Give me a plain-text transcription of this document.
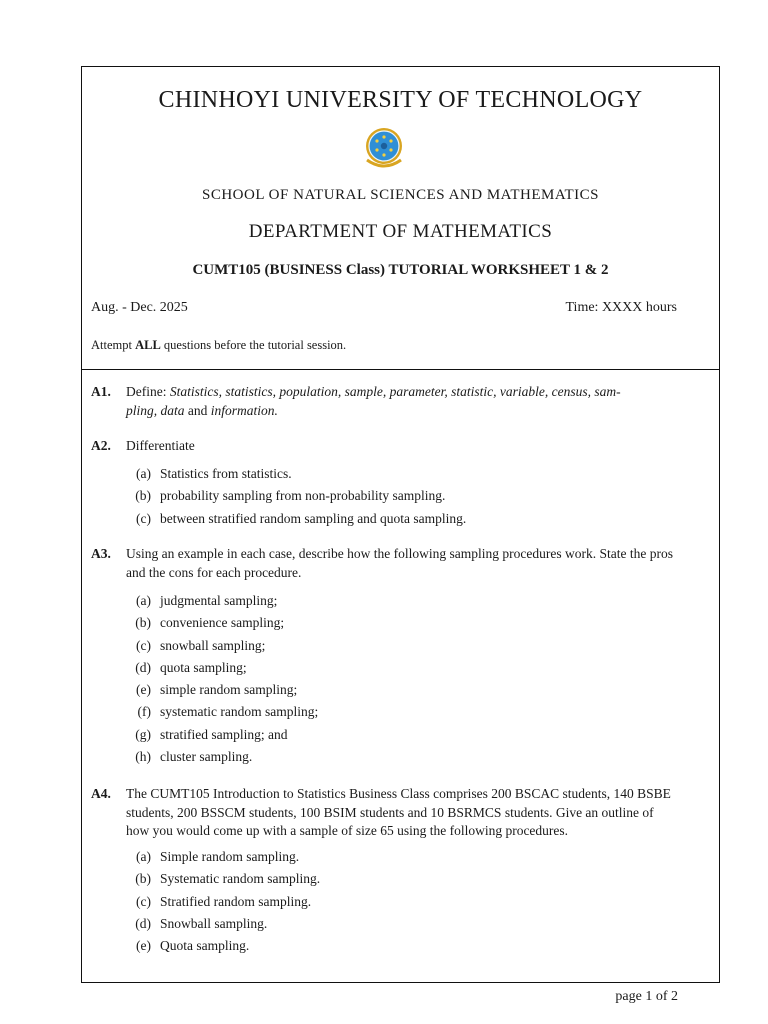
CHINHOYI UNIVERSITY OF TECHNOLOGY
SCHOOL OF NATURAL SCIENCES AND MATHEMATICS
DEPARTMENT OF MATHEMATICS
CUMT105 (BUSINESS Class) TUTORIAL WORKSHEET 1 & 2
Aug. - Dec. 2025	Time: XXXX hours
Attempt ALL questions before the tutorial session.
A1. Define: Statistics, statistics, population, sample, parameter, statistic, variable, census, sam-
pling, data and information.
A2. Differentiate
(a) Statistics from statistics.
(b) probability sampling from non-probability sampling.
(c) between stratified random sampling and quota sampling.
A3. Using an example in each case, describe how the following sampling procedures work. State the pros and the cons for each procedure.
(a) judgmental sampling;
(b) convenience sampling;
(c) snowball sampling;
(d) quota sampling;
(e) simple random sampling;
(f) systematic random sampling;
(g) stratified sampling; and
(h) cluster sampling.
A4. The CUMT105 Introduction to Statistics Business Class comprises 200 BSCAC students, 140 BSBE students, 200 BSSCM students, 100 BSIM students and 10 BSRMCS students. Give an outline of how you would come up with a sample of size 65 using the following procedures.
(a) Simple random sampling.
(b) Systematic random sampling.
(c) Stratified random sampling.
(d) Snowball sampling.
(e) Quota sampling.
page 1 of 2
